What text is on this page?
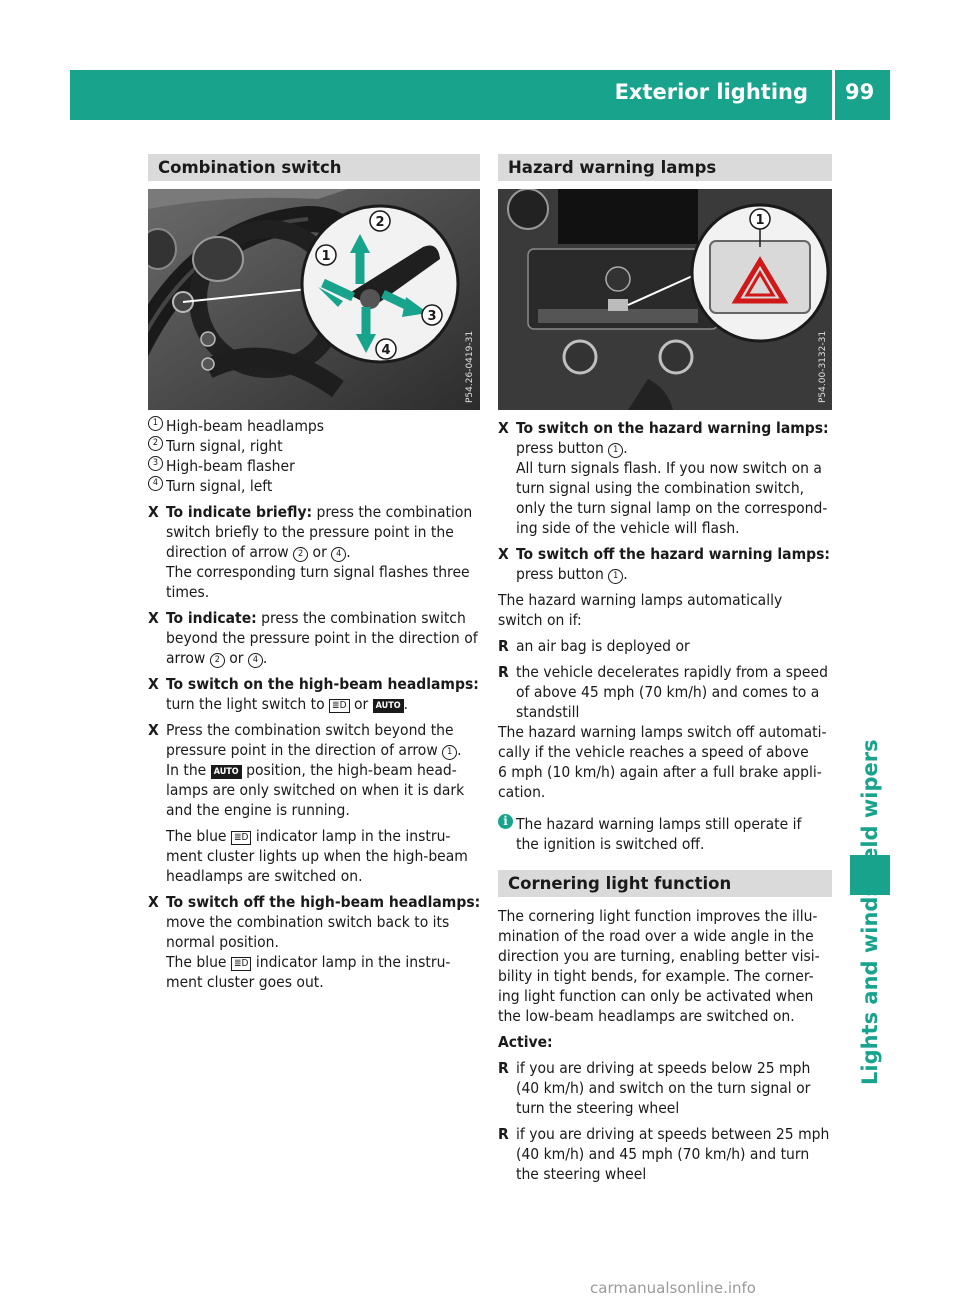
Exterior lighting 99
Lights and windshield wipers
Combination switch
1
2
3
4	P54.26-0419-31
1 High-beam headlamps
2 Turn signal, right
3 High-beam flasher
4 Turn signal, left
X To indicate briefly: press the combination
switch briefly to the pressure point in the
direction of arrow 2 or 4 .
The corresponding turn signal flashes three
times.
X To indicate: press the combination switch
beyond the pressure point in the direction of
arrow 2 or 4 .
X To switch on the high-beam headlamps:
turn the light switch to ≣D or AUTO .
X Press the combination switch beyond the
pressure point in the direction of arrow 1 .
In the AUTO position, the high-beam head-
lamps are only switched on when it is dark
and the engine is running.
The blue ≣D indicator lamp in the instru-
ment cluster lights up when the high-beam
headlamps are switched on.
X To switch off the high-beam headlamps:
move the combination switch back to its
normal position.
The blue ≣D indicator lamp in the instru-
ment cluster goes out.
Hazard warning lamps
1
P54.00-3132-31
X To switch on the hazard warning lamps:
press button 1 .
All turn signals flash. If you now switch on a
turn signal using the combination switch,
only the turn signal lamp on the correspond-
ing side of the vehicle will flash.
X To switch off the hazard warning lamps:
press button 1 .
The hazard warning lamps automatically
switch on if:
R an air bag is deployed or
R the vehicle decelerates rapidly from a speed
of above 45 mph (70 km/h) and comes to a
standstill
The hazard warning lamps switch off automati-
cally if the vehicle reaches a speed of above
6 mph (10 km/h) again after a full brake appli-
cation.
i The hazard warning lamps still operate if
the ignition is switched off.
Cornering light function
The cornering light function improves the illu-
mination of the road over a wide angle in the
direction you are turning, enabling better visi-
bility in tight bends, for example. The corner-
ing light function can only be activated when
the low-beam headlamps are switched on.
Active:
R if you are driving at speeds below 25 mph
(40 km/h) and switch on the turn signal or
turn the steering wheel
R if you are driving at speeds between 25 mph
(40 km/h) and 45 mph (70 km/h) and turn
the steering wheel
carmanualsonline.info
